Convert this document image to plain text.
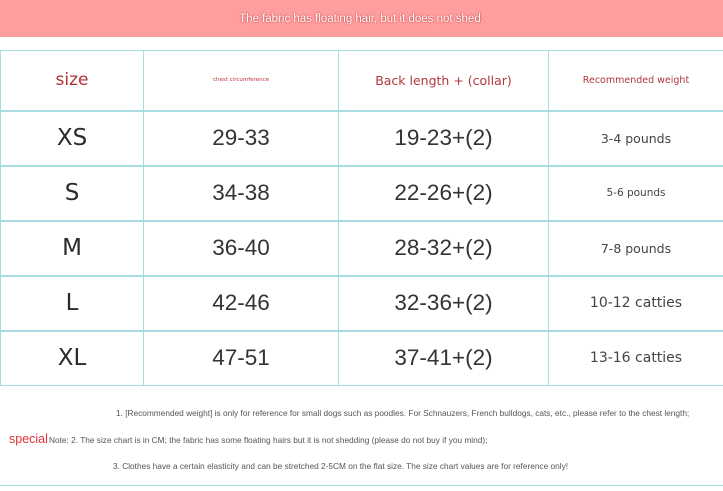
The fabric has floating hair, but it does not shed.
size	chest circumference	Back length + (collar)	Recommended weight
XS	29-33	19-23+(2)	3-4 pounds
S	34-38	22-26+(2)	5-6 pounds
M	36-40	28-32+(2)	7-8 pounds
L	42-46	32-36+(2)	10-12 catties
XL	47-51	37-41+(2)	13-16 catties
special
1. [Recommended weight] is only for reference for small dogs such as poodles. For Schnauzers, French bulldogs, cats, etc., please refer to the chest length;
Note: 2. The size chart is in CM; the fabric has some floating hairs but it is not shedding (please do not buy if you mind);
3. Clothes have a certain elasticity and can be stretched 2-5CM on the flat size. The size chart values are for reference only!
